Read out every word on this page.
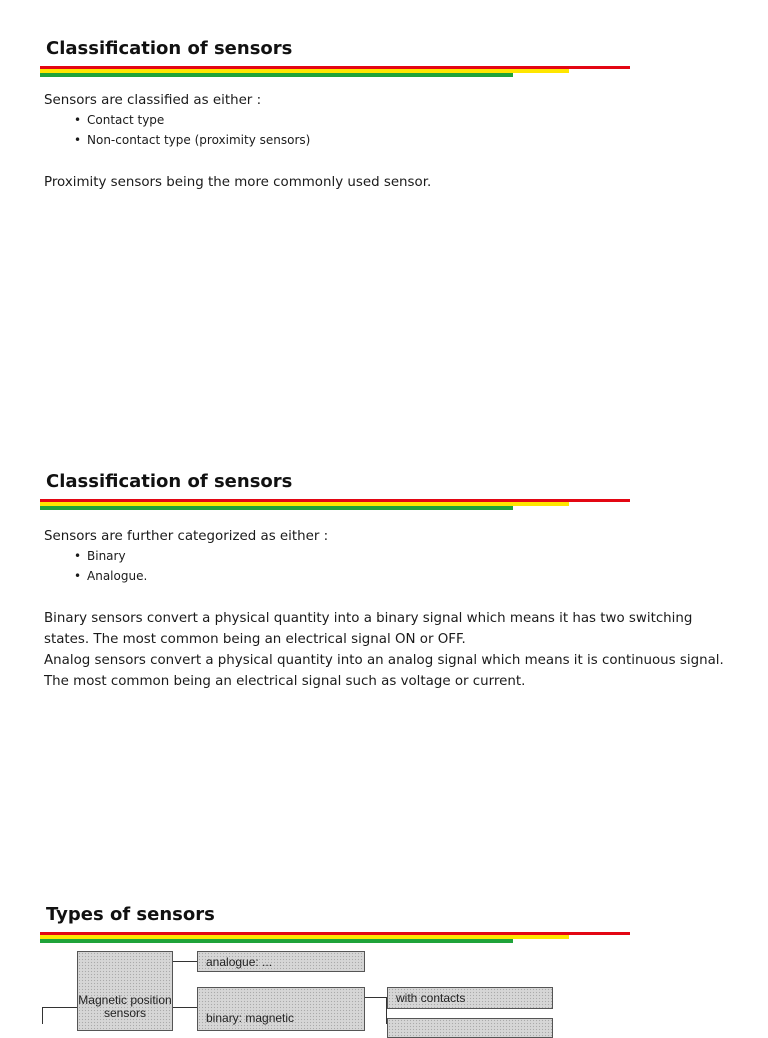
Classification of sensors

Sensors are classified as either :

• Contact type
• Non-contact type (proximity sensors)

Proximity sensors being the more commonly used sensor.

Classification of sensors

Sensors are further categorized as either :

• Binary
• Analogue.

Binary sensors convert a physical quantity into a binary signal which means it has two switching states. The most common being an electrical signal ON or OFF.

Analog sensors convert a physical quantity into an analog signal which means it is continuous signal. The most common being an electrical signal such as voltage or current.

Types of sensors
Magnetic position sensors
analogue: ...
binary: magnetic
with contacts
